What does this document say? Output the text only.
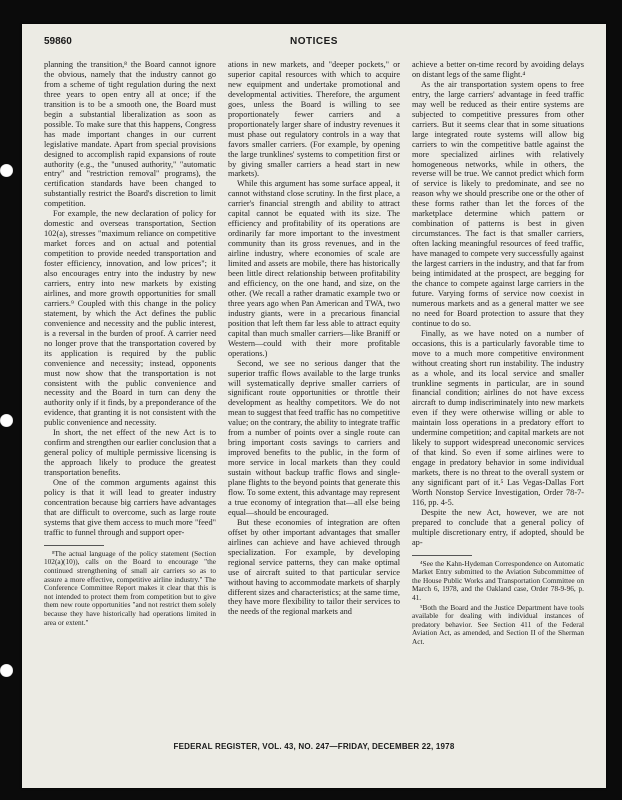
59860	NOTICES

planning the transition,⁸ the Board cannot ignore the obvious, namely that the industry cannot go from a scheme of tight regulation during the next three years to open entry all at once; if the transition is to be a smooth one, the Board must begin a substantial liberalization as soon as possible. To make sure that this happens, Congress has made important changes in our current legislative mandate. Apart from special provisions designed to accomplish rapid expansions of route authority (e.g., the "unused authority," "automatic entry" and "restriction removal" programs), the certification standards have been changed to substantially restrict the Board's discretion to limit competition.

For example, the new declaration of policy for domestic and overseas transportation, Section 102(a), stresses "maximum reliance on competitive market forces and on actual and potential competition to provide needed transportation and foster efficiency, innovation, and low prices"; it also encourages entry into the industry by new carriers, entry into new markets by existing airlines, and more growth opportunities for small carriers.⁹ Coupled with this change in the policy statement, by which the Act defines the public convenience and necessity and the public interest, is a reversal in the burden of proof. A carrier need no longer prove that the transportation covered by its application is required by the public convenience and necessity; instead, opponents must now show that the transportation is not consistent with the public convenience and necessity and the Board in turn can deny the authority only if it finds, by a preponderance of the evidence, that granting it is not consistent with the public convenience and necessity.

In short, the net effect of the new Act is to confirm and strengthen our earlier conclusion that a general policy of multiple permissive licensing is the approach likely to produce the greatest transportation benefits.

One of the common arguments against this policy is that it will lead to greater industry concentration because big carriers have advantages that are difficult to overcome, such as large route systems that give them access to much more "feed" traffic to funnel through and support oper-

⁸The actual language of the policy statement (Section 102(a)(10)), calls on the Board to encourage "the continued strengthening of small air carriers so as to assure a more effective, competitive airline industry." The Conference Committee Report makes it clear that this is not intended to protect them from competition but to give them new route opportunities "and not restrict them solely because they have historically had operations limited in area or extent."

ations in new markets, and "deeper pockets," or superior capital resources with which to acquire new equipment and undertake promotional and developmental activities. Therefore, the argument goes, unless the Board is willing to see proportionately fewer carriers and a proportionately larger share of industry revenues it must phase out regulatory controls in a way that favors smaller carriers. (For example, by opening the large trunklines' systems to competition first or by giving smaller carriers a head start in new markets).

While this argument has some surface appeal, it cannot withstand close scrutiny. In the first place, a carrier's financial strength and ability to attract capital cannot be equated with its size. The efficiency and profitability of its operations are ordinarily far more important to the investment community than its gross revenues, and in the airline industry, where economies of scale are limited and assets are mobile, there has historically been little direct relationship between profitability and efficiency, on the one hand, and size, on the other. (We recall a rather dramatic example two or three years ago when Pan American and TWA, two industry giants, were in a precarious financial position that left them far less able to attract equity capital than much smaller carriers—like Braniff or Western—could with their more profitable operations.)

Second, we see no serious danger that the superior traffic flows available to the large trunks will systematically deprive smaller carriers of significant route opportunities or throttle their development as healthy competitors. We do not mean to suggest that feed traffic has no competitive value; on the contrary, the ability to integrate traffic from a number of points over a single route can bring important costs savings to carriers and improved benefits to the public, in the form of more service in local markets than they could sustain without backup traffic flows and single-plane flights to the beyond points that generate this flow. To some extent, this advantage may represent a true economy of integration that—all else being equal—should be encouraged.

But these economies of integration are often offset by other important advantages that smaller airlines can achieve and have achieved through specialization. For example, by developing regional service patterns, they can make optimal use of aircraft suited to that particular service without having to accommodate markets of sharply different sizes and characteristics; at the same time, they have more flexibility to tailor their services to the needs of the regional markets and

achieve a better on-time record by avoiding delays on distant legs of the same flight.⁴

As the air transportation system opens to free entry, the large carriers' advantage in feed traffic may well be reduced as their entire systems are subjected to competitive pressures from other carriers. But it seems clear that in some situations large integrated route systems will allow big carriers to win the competitive battle against the more specialized airlines with relatively homogeneous networks, while in others, the reverse will be true. We cannot predict which form of service is likely to predominate, and see no reason why we should prescribe one or the other of these forms rather than let the forces of the marketplace determine which pattern or combination of patterns is best in given circumstances. The fact is that smaller carriers, often lacking meaningful resources of feed traffic, have managed to compete very successfully against the largest carriers in the industry, and that far from being intimidated at the prospect, are begging for the chance to compete against large carriers in the future. Varying forms of service now coexist in numerous markets and as a general matter we see no need for Board protection to assure that they continue to do so.

Finally, as we have noted on a number of occasions, this is a particularly favorable time to move to a much more competitive environment without creating short run instability. The industry as a whole, and its local service and smaller trunkline segments in particular, are in sound financial condition; airlines do not have excess aircraft to dump indiscriminately into new markets even if they were otherwise willing or able to maintain loss operations in a predatory effort to undermine competition; and capital markets are not likely to support widespread uneconomic services of that kind. So even if some airlines were to engage in predatory behavior in some individual markets, there is no threat to the overall system or any significant part of it.⁵ Las Vegas-Dallas Fort Worth Nonstop Service Investigation, Order 78-7-116, pp. 4-5.

Despite the new Act, however, we are not prepared to conclude that a general policy of multiple discretionary entry, if adopted, should be ap-

⁴See the Kahn-Hydeman Correspondence on Automatic Market Entry submitted to the Aviation Subcommittee of the House Public Works and Transportation Committee on March 6, 1978, and the Oakland case, Order 78-9-96, p. 41.

⁵Both the Board and the Justice Department have tools available for dealing with individual instances of predatory behavior. See Section 411 of the Federal Aviation Act, as amended, and Section II of the Sherman Act.

FEDERAL REGISTER, VOL. 43, NO. 247—FRIDAY, DECEMBER 22, 1978
